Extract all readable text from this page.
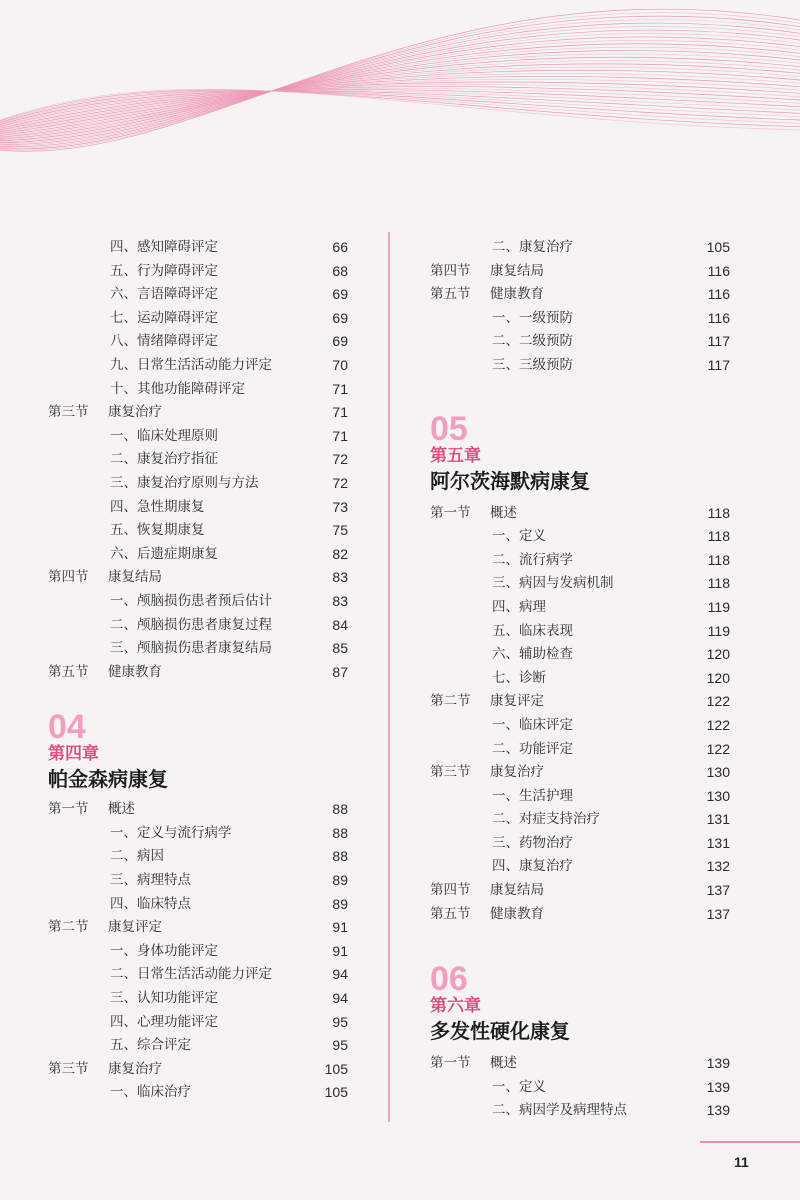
四、感知障碍评定	66
五、行为障碍评定	68
六、言语障碍评定	69
七、运动障碍评定	69
八、情绪障碍评定	69
九、日常生活活动能力评定	70
十、其他功能障碍评定	71
第三节 康复治疗	71
一、临床处理原则	71
二、康复治疗指征	72
三、康复治疗原则与方法	72
四、急性期康复	73
五、恢复期康复	75
六、后遗症期康复	82
第四节 康复结局	83
一、颅脑损伤患者预后估计	83
二、颅脑损伤患者康复过程	84
三、颅脑损伤患者康复结局	85
第五节 健康教育	87
04
第四章
帕金森病康复
第一节 概述	88
一、定义与流行病学	88
二、病因	88
三、病理特点	89
四、临床特点	89
第二节 康复评定	91
一、身体功能评定	91
二、日常生活活动能力评定	94
三、认知功能评定	94
四、心理功能评定	95
五、综合评定	95
第三节 康复治疗	105
一、临床治疗	105
二、康复治疗	105
第四节 康复结局	116
第五节 健康教育	116
一、一级预防	116
二、二级预防	117
三、三级预防	117
05
第五章
阿尔茨海默病康复
第一节 概述	118
一、定义	118
二、流行病学	118
三、病因与发病机制	118
四、病理	119
五、临床表现	119
六、辅助检查	120
七、诊断	120
第二节 康复评定	122
一、临床评定	122
二、功能评定	122
第三节 康复治疗	130
一、生活护理	130
二、对症支持治疗	131
三、药物治疗	131
四、康复治疗	132
第四节 康复结局	137
第五节 健康教育	137
06
第六章
多发性硬化康复
第一节 概述	139
一、定义	139
二、病因学及病理特点	139
11
